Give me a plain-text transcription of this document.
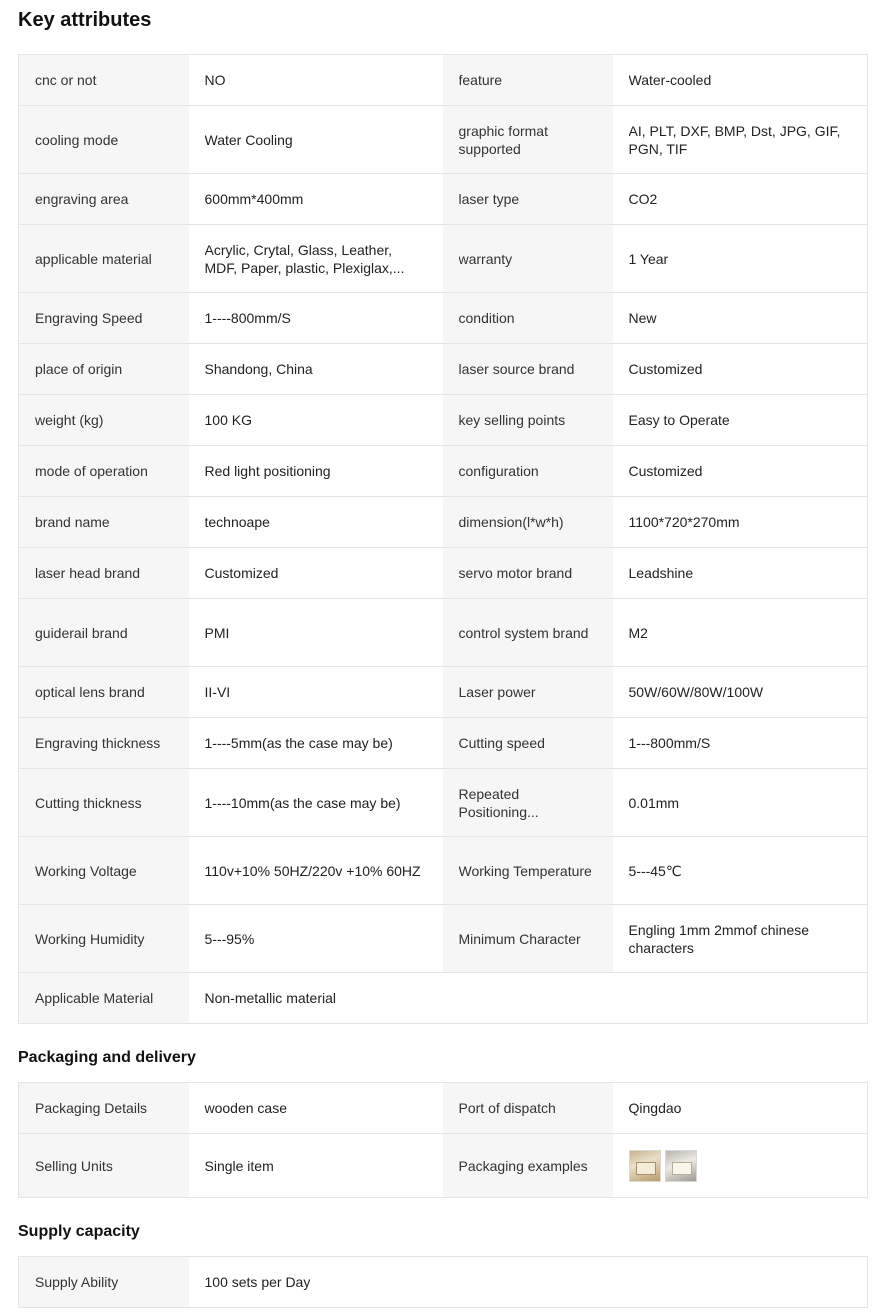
Key attributes
cnc or not	NO	feature	Water-cooled

cooling mode	Water Cooling	graphic format supported	AI, PLT, DXF, BMP, Dst, JPG, GIF, PGN, TIF

engraving area	600mm*400mm	laser type	CO2

applicable material	Acrylic, Crytal, Glass, Leather, MDF, Paper, plastic, Plexiglax,...	warranty	1 Year

Engraving Speed	1----800mm/S	condition	New

place of origin	Shandong, China	laser source brand	Customized

weight (kg)	100 KG	key selling points	Easy to Operate

mode of operation	Red light positioning	configuration	Customized

brand name	technoape	dimension(l*w*h)	1100*720*270mm

laser head brand	Customized	servo motor brand	Leadshine

guiderail brand	PMI	control system brand	M2

optical lens brand	II-VI	Laser power	50W/60W/80W/100W

Engraving thickness	1----5mm(as the case may be)	Cutting speed	1---800mm/S

Cutting thickness	1----10mm(as the case may be)	Repeated Positioning...	0.01mm

Working Voltage	110v+10% 50HZ/220v +10% 60HZ	Working Temperature	5---45℃

Working Humidity	5---95%	Minimum Character	Engling 1mm 2mmof chinese characters

Applicable Material	Non-metallic material		
Packaging and delivery
Packaging Details	wooden case	Port of dispatch	Qingdao
Selling Units	Single item	Packaging examples	
Supply capacity
Supply Ability	100 sets per Day
